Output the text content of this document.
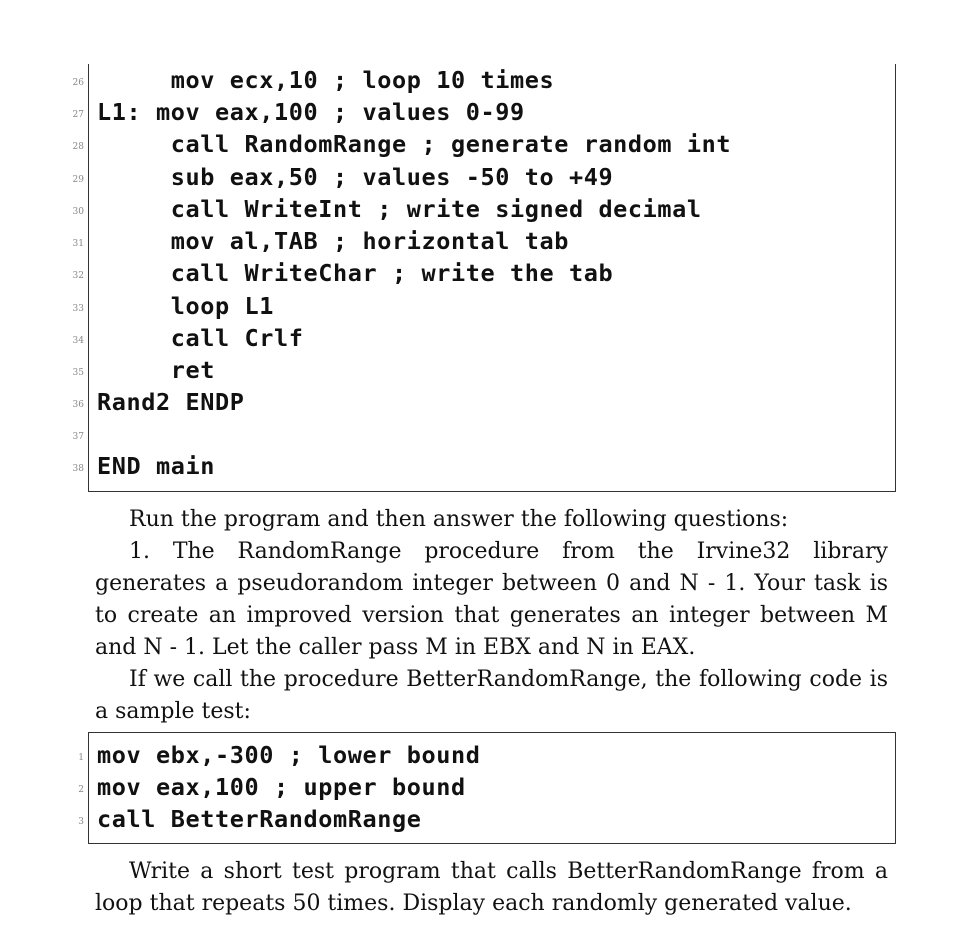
26 mov ecx,10 ; loop 10 times
27 L1: mov eax,100 ; values 0-99
28 call RandomRange ; generate random int
29 sub eax,50 ; values -50 to +49
30 call WriteInt ; write signed decimal
31 mov al,TAB ; horizontal tab
32 call WriteChar ; write the tab
33 loop L1
34 call Crlf
35 ret
36 Rand2 ENDP
37
38 END main
Run the program and then answer the following questions:
1. The RandomRange procedure from the Irvine32 library generates a pseudorandom integer between 0 and N - 1. Your task is to create an improved version that generates an integer between M and N - 1. Let the caller pass M in EBX and N in EAX.
If we call the procedure BetterRandomRange, the following code is a sample test:
1 mov ebx,-300 ; lower bound
2 mov eax,100 ; upper bound
3 call BetterRandomRange
Write a short test program that calls BetterRandomRange from a loop that repeats 50 times. Display each randomly generated value.
